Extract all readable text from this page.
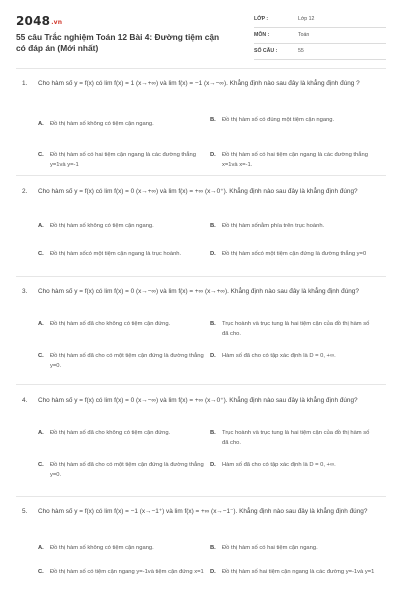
2048.vn
55 câu Trắc nghiệm Toán 12 Bài 4: Đường tiệm cận có đáp án (Mới nhất)
LỚP :	Lớp 12
MÔN :	Toán
SỐ CÂU :	55
1.	Cho hàm số y = f(x) có lim f(x) = 1 (x→+∞) và lim f(x) = −1 (x→−∞). Khẳng định nào sau đây là khẳng định đúng ?
A. Đồ thị hàm số không có tiệm cận ngang.
B. Đồ thị hàm số có đúng một tiệm cận ngang.
C. Đồ thị hàm số có hai tiệm cận ngang là các đường thẳng y=1và y=-1
D. Đồ thị hàm số có hai tiệm cận ngang là các đường thẳng x=1và x=-1.
2.	Cho hàm số y = f(x) có lim f(x) = 0 (x→+∞) và lim f(x) = +∞ (x→0⁺). Khẳng định nào sau đây là khẳng định đúng?
A. Đồ thị hàm số không có tiệm cận ngang.	B. Đồ thị hàm sốnằm phía trên trục hoành.
C. Đồ thị hàm sốcó một tiệm cận ngang là trục hoành.	D. Đồ thị hàm sốcó một tiệm cận đứng là đường thẳng y=0
3.	Cho hàm số y = f(x) có lim f(x) = 0 (x→−∞) và lim f(x) = +∞ (x→+∞). Khẳng định nào sau đây là khẳng định đúng?
A. Đồ thị hàm số đã cho không có tiệm cận đứng.	B. Trục hoành và trục tung là hai tiệm cận của đồ thị hàm số đã cho.
C. Đồ thị hàm số đã cho có một tiệm cận đứng là đường thẳng y=0.
D. Hàm số đã cho có tập xác định là D = 0, +∞.
4.	Cho hàm số y = f(x) có lim f(x) = 0 (x→−∞) và lim f(x) = +∞ (x→0⁺). Khẳng định nào sau đây là khẳng định đúng?
A. Đồ thị hàm số đã cho không có tiệm cận đứng.	B. Trục hoành và trục tung là hai tiệm cận của đồ thị hàm số đã cho.
C. Đồ thị hàm số đã cho có một tiệm cận đứng là đường thẳng y=0.
D. Hàm số đã cho có tập xác định là D = 0, +∞.
5.	Cho hàm số y = f(x) có lim f(x) = −1 (x→−1⁺) và lim f(x) = +∞ (x→−1⁻). Khẳng định nào sau đây là khẳng định đúng?
A. Đồ thị hàm số không có tiệm cận ngang.	B. Đồ thị hàm số có hai tiệm cận ngang.
C. Đồ thị hàm số có tiệm cận ngang y=-1và tiệm cận đứng x=1 D. Đồ thị hàm số hai tiệm cận ngang là các đường y=-1và y=1
